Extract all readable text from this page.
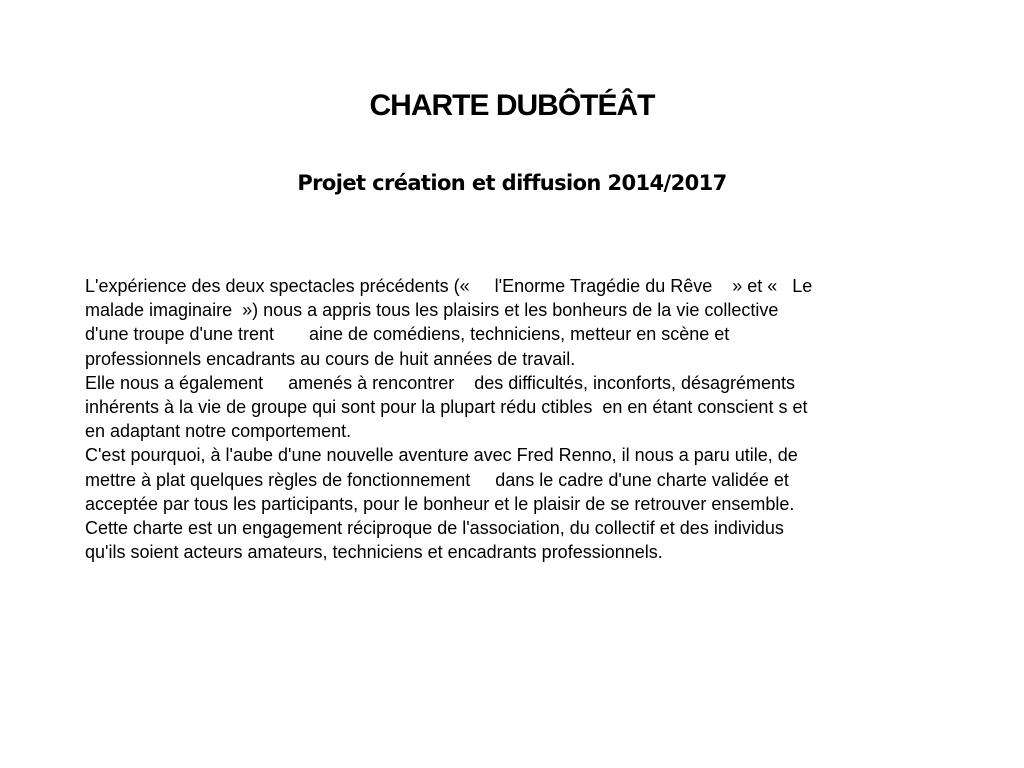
CHARTE DUBÔTÉÂT
Projet création et diffusion 2014/2017
L'expérience des deux spectacles précédents («     l'Enorme Tragédie du Rêve    » et «   Le
malade imaginaire  ») nous a appris tous les plaisirs et les bonheurs de la vie collective
d'une troupe d'une trent       aine de comédiens, techniciens, metteur en scène et
professionnels encadrants au cours de huit années de travail.
Elle nous a également     amenés à rencontrer    des difficultés, inconforts, désagréments
inhérents à la vie de groupe qui sont pour la plupart rédu ctibles  en en étant conscient s et
en adaptant notre comportement.
C'est pourquoi, à l'aube d'une nouvelle aventure avec Fred Renno, il nous a paru utile, de
mettre à plat quelques règles de fonctionnement     dans le cadre d'une charte validée et
acceptée par tous les participants, pour le bonheur et le plaisir de se retrouver ensemble.
Cette charte est un engagement réciproque de l'association, du collectif et des individus
qu'ils soient acteurs amateurs, techniciens et encadrants professionnels.
